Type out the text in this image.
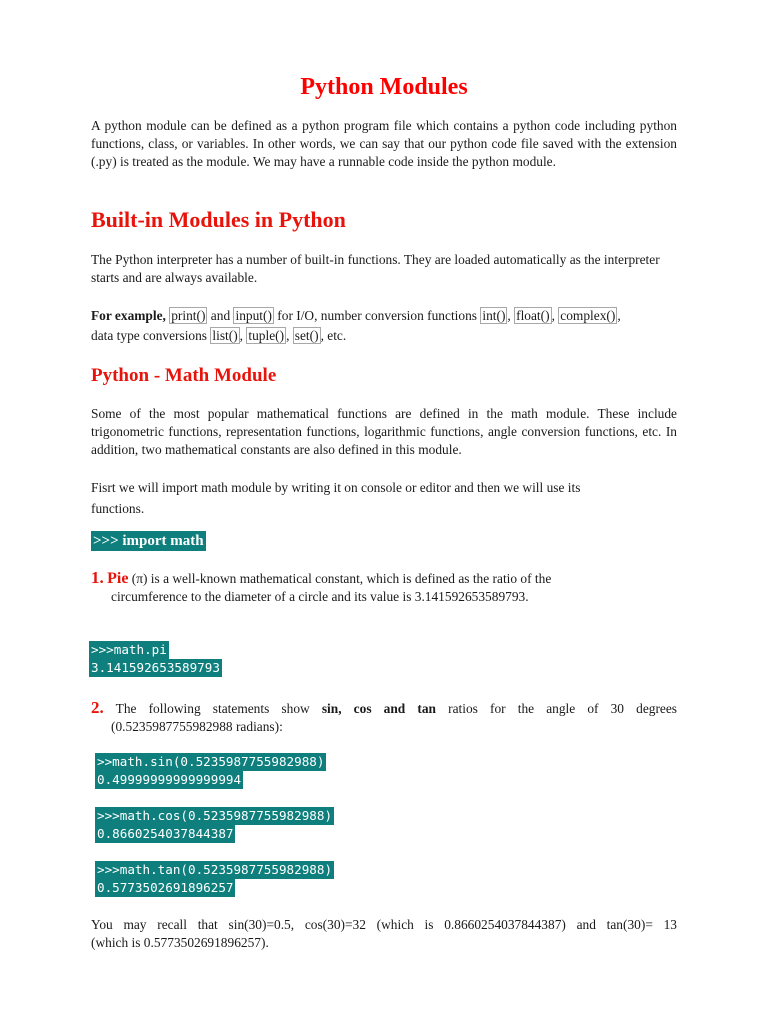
Python Modules

A python module can be defined as a python program file which contains a python code including python functions, class, or variables. In other words, we can say that our python code file saved with the extension (.py) is treated as the module. We may have a runnable code inside the python module.

Built-in Modules in Python

The Python interpreter has a number of built-in functions. They are loaded automatically as the interpreter starts and are always available.

For example, print() and input() for I/O, number conversion functions int() , float() , complex() ,
data type conversions list() , tuple() , set() , etc.
Python - Math Module

Some of the most popular mathematical functions are defined in the math module. These include trigonometric functions, representation functions, logarithmic functions, angle conversion functions, etc. In addition, two mathematical constants are also defined in this module.

Fisrt we will import math module by writing it on console or editor and then we will use its
functions.

>>> import math
1. Pie (π) is a well-known mathematical constant, which is defined as the ratio of the
circumference to the diameter of a circle and its value is 3.141592653589793.
>>>math.pi
3.141592653589793
2. The following statements show sin, cos and tan ratios for the angle of 30 degrees
(0.5235987755982988 radians):
>>math.sin(0.5235987755982988)
0.49999999999999994
>>>math.cos(0.5235987755982988)
0.8660254037844387
>>>math.tan(0.5235987755982988)
0.5773502691896257
You may recall that sin(30)=0.5, cos(30)=32 (which is 0.8660254037844387) and tan(30)= 13
(which is 0.5773502691896257).
